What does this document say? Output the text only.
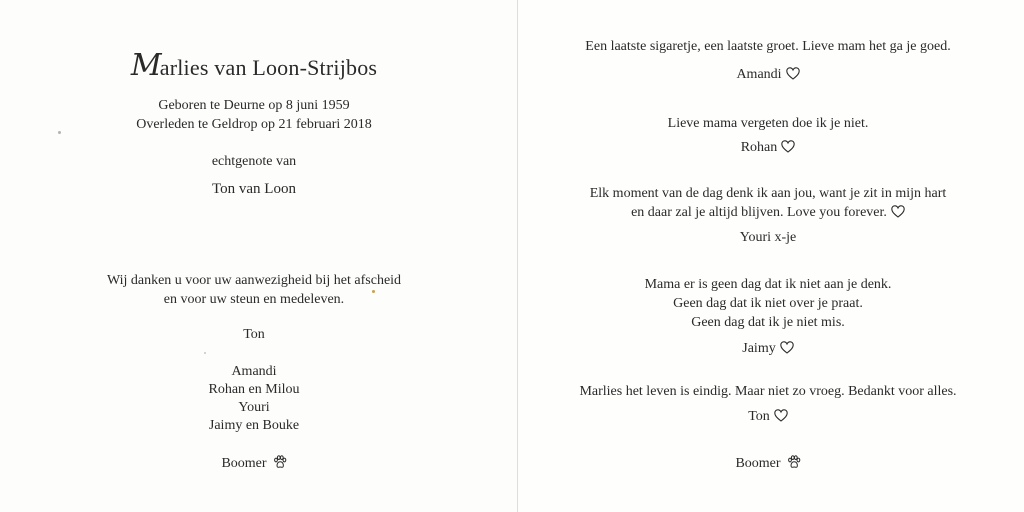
Marlies van Loon-Strijbos
Geboren te Deurne op 8 juni 1959
Overleden te Geldrop op 21 februari 2018
echtgenote van
Ton van Loon
Wij danken u voor uw aanwezigheid bij het afscheid
en voor uw steun en medeleven.
Ton
Amandi
Rohan en Milou
Youri
Jaimy en Bouke
Boomer
Een laatste sigaretje, een laatste groet. Lieve mam het ga je goed.
Amandi
Lieve mama vergeten doe ik je niet.
Rohan
Elk moment van de dag denk ik aan jou, want je zit in mijn hart
en daar zal je altijd blijven. Love you forever.
Youri x-je
Mama er is geen dag dat ik niet aan je denk.
Geen dag dat ik niet over je praat.
Geen dag dat ik je niet mis.
Jaimy
Marlies het leven is eindig. Maar niet zo vroeg. Bedankt voor alles.
Ton
Boomer
